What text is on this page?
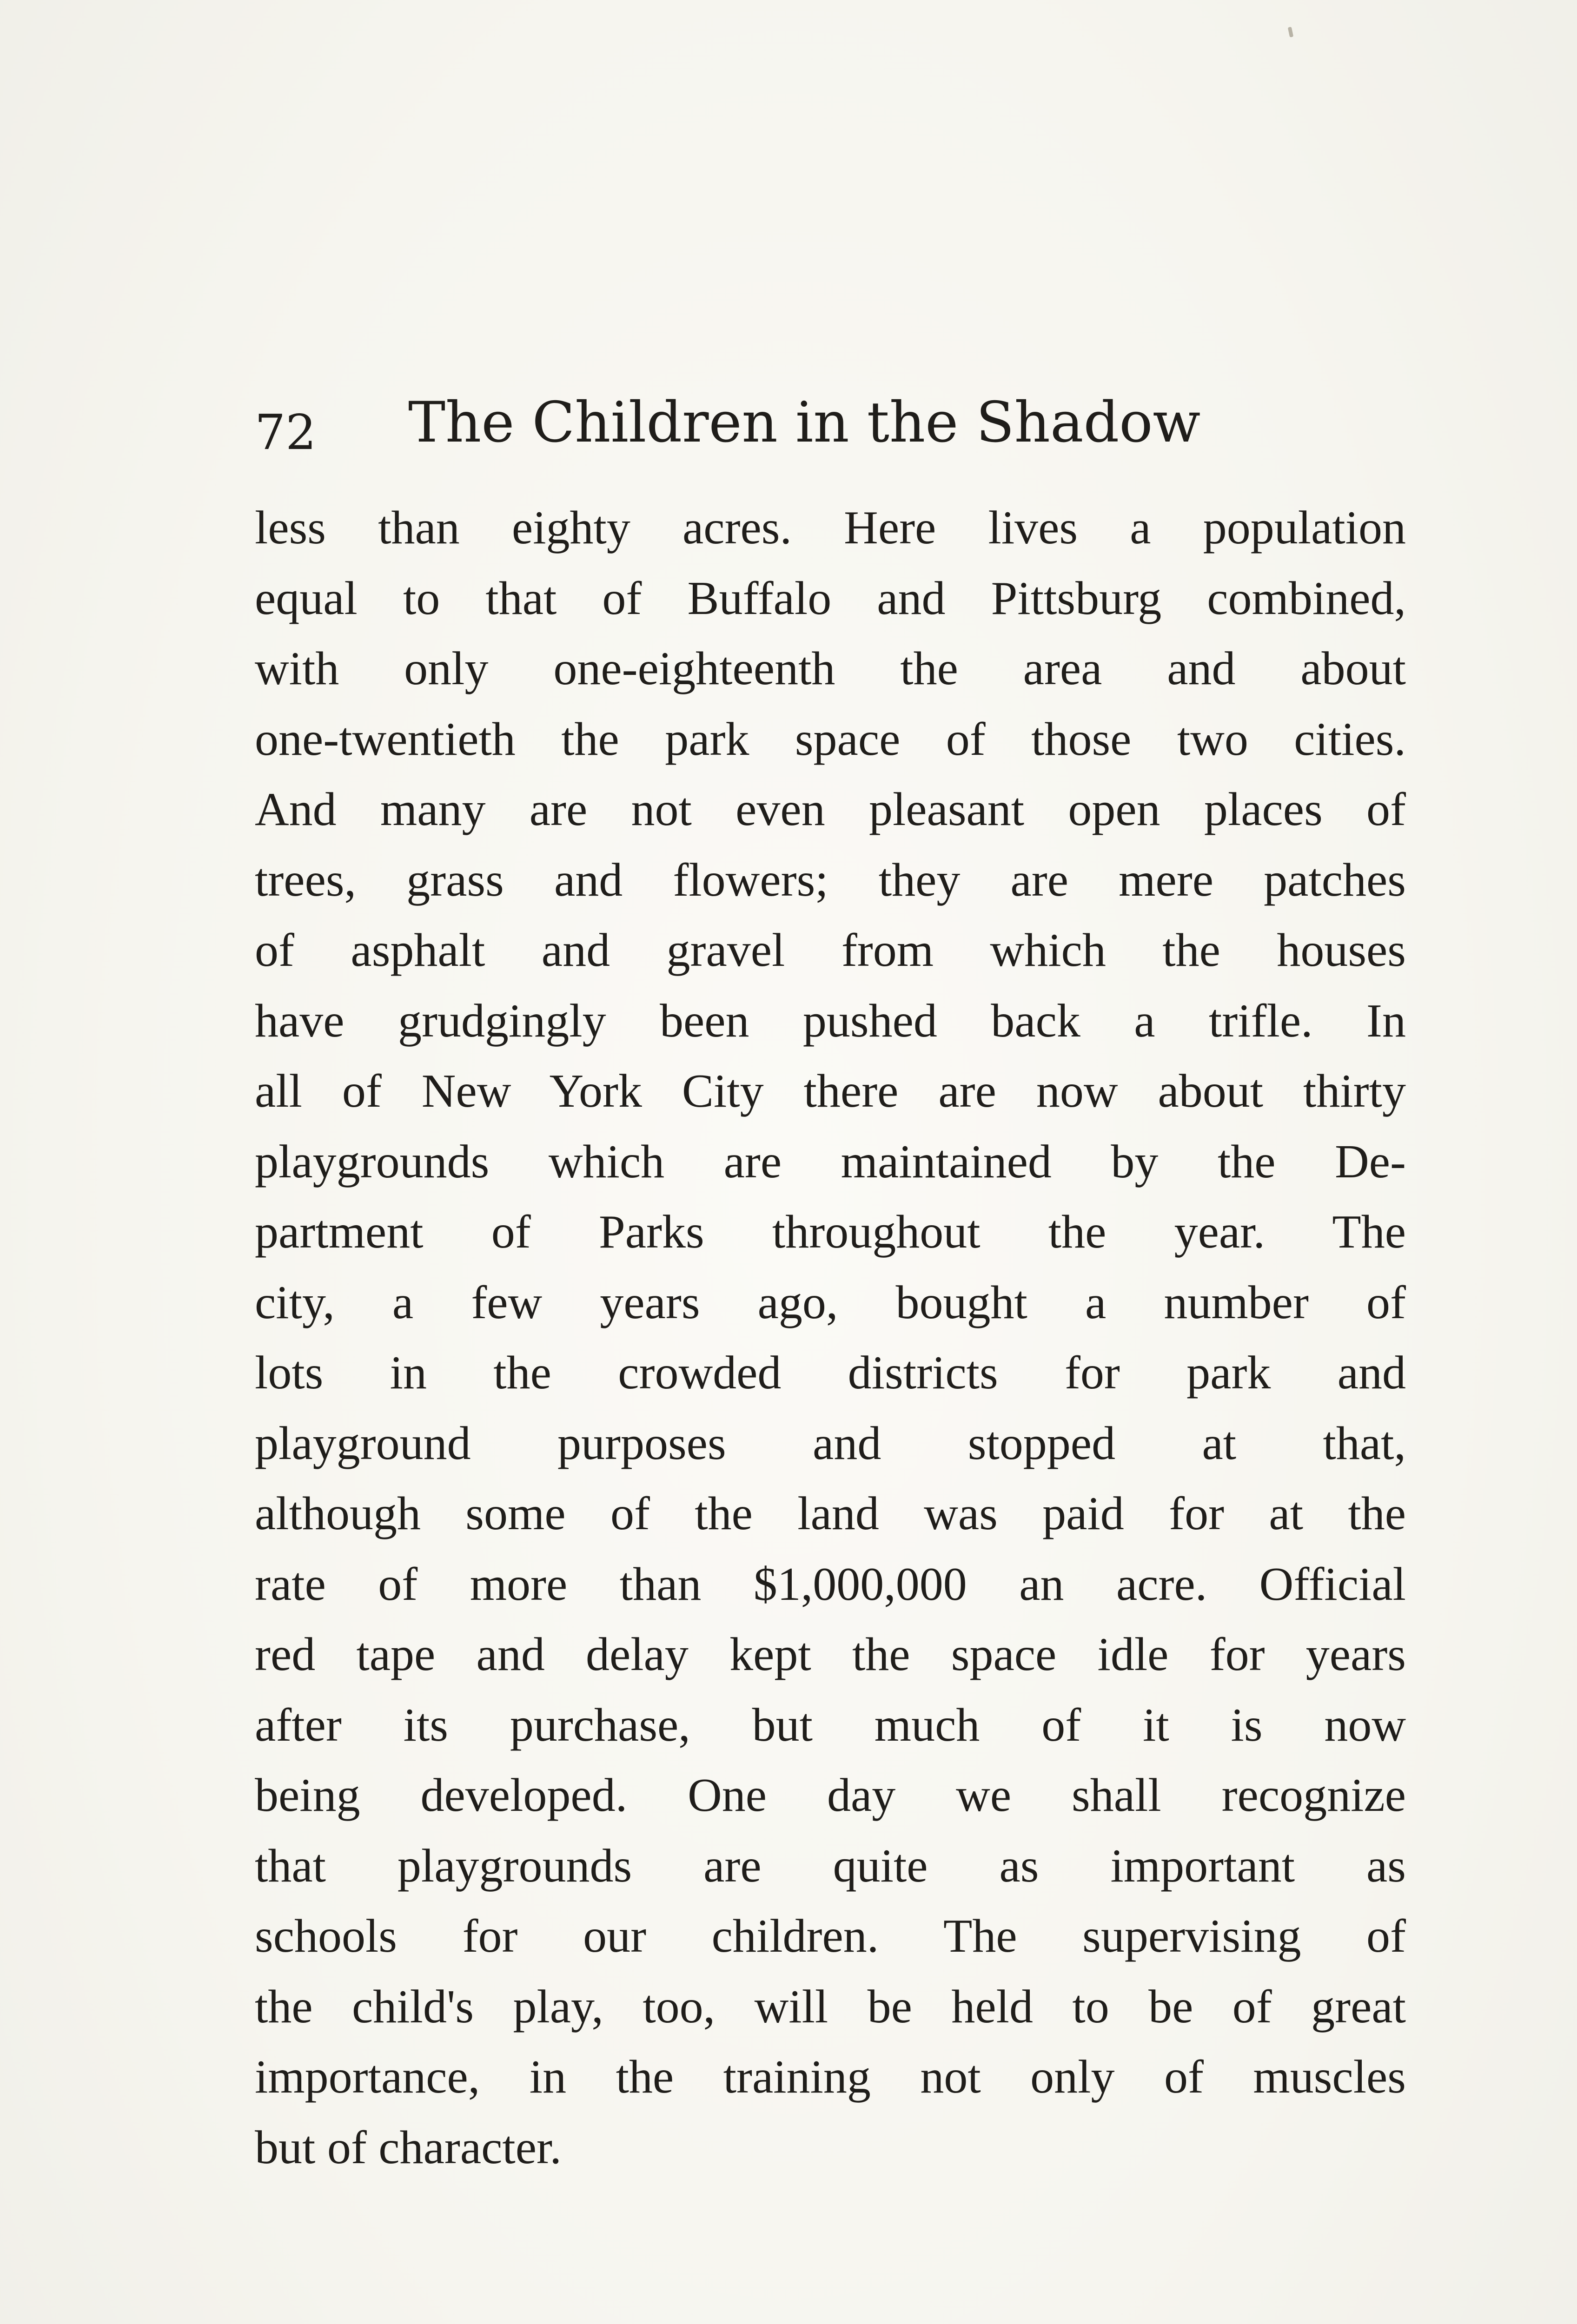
72 The Children in the Shadow
less than eighty acres. Here lives a population
equal to that of Buffalo and Pittsburg combined,
with only one-eighteenth the area and about
one-twentieth the park space of those two cities.
And many are not even pleasant open places of
trees, grass and flowers; they are mere patches
of asphalt and gravel from which the houses
have grudgingly been pushed back a trifle. In
all of New York City there are now about thirty
playgrounds which are maintained by the De-
partment of Parks throughout the year. The
city, a few years ago, bought a number of
lots in the crowded districts for park and
playground purposes and stopped at that,
although some of the land was paid for at the
rate of more than $1,000,000 an acre. Official
red tape and delay kept the space idle for years
after its purchase, but much of it is now
being developed. One day we shall recognize
that playgrounds are quite as important as
schools for our children. The supervising of
the child's play, too, will be held to be of great
importance, in the training not only of muscles
but of character.
